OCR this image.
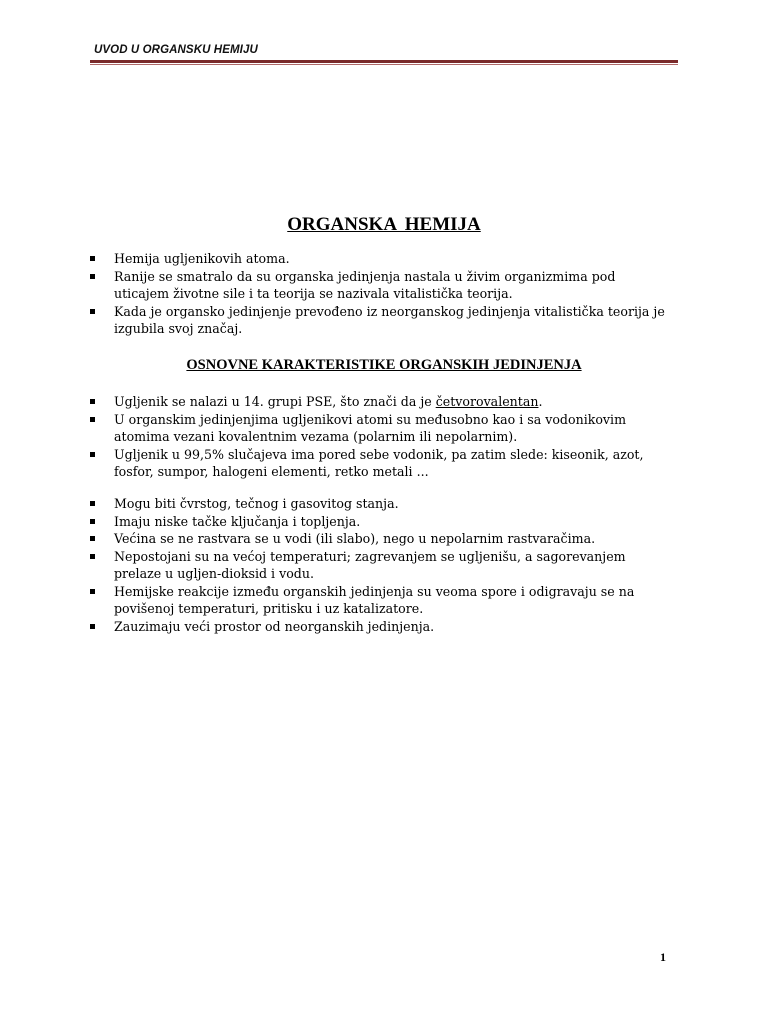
UVOD U ORGANSKU HEMIJU
ORGANSKA HEMIJA
Hemija ugljenikovih atoma.
Ranije se smatralo da su organska jedinjenja nastala u živim organizmima pod uticajem životne sile i ta teorija se nazivala vitalistička teorija.
Kada je organsko jedinjenje prevođeno iz neorganskog jedinjenja vitalistička teorija je izgubila svoj značaj.
OSNOVNE KARAKTERISTIKE ORGANSKIH JEDINJENJA
Ugljenik se nalazi u 14. grupi PSE, što znači da je četvorovalentan.
U organskim jedinjenjima ugljenikovi atomi su međusobno kao i sa vodonikovim atomima vezani kovalentnim vezama (polarnim ili nepolarnim).
Ugljenik u 99,5% slučajeva ima pored sebe vodonik, pa zatim slede: kiseonik, azot, fosfor, sumpor, halogeni elementi, retko metali ...
Mogu biti čvrstog, tečnog i gasovitog stanja.
Imaju niske tačke ključanja i topljenja.
Većina se ne rastvara se u vodi (ili slabo), nego u nepolarnim rastvaračima.
Nepostojani su na većoj temperaturi; zagrevanjem se ugljenišu, a sagorevanjem prelaze u ugljen-dioksid i vodu.
Hemijske reakcije između organskih jedinjenja su veoma spore i odigravaju se na povišenoj temperaturi, pritisku i uz katalizatore.
Zauzimaju veći prostor od neorganskih jedinjenja.
1
